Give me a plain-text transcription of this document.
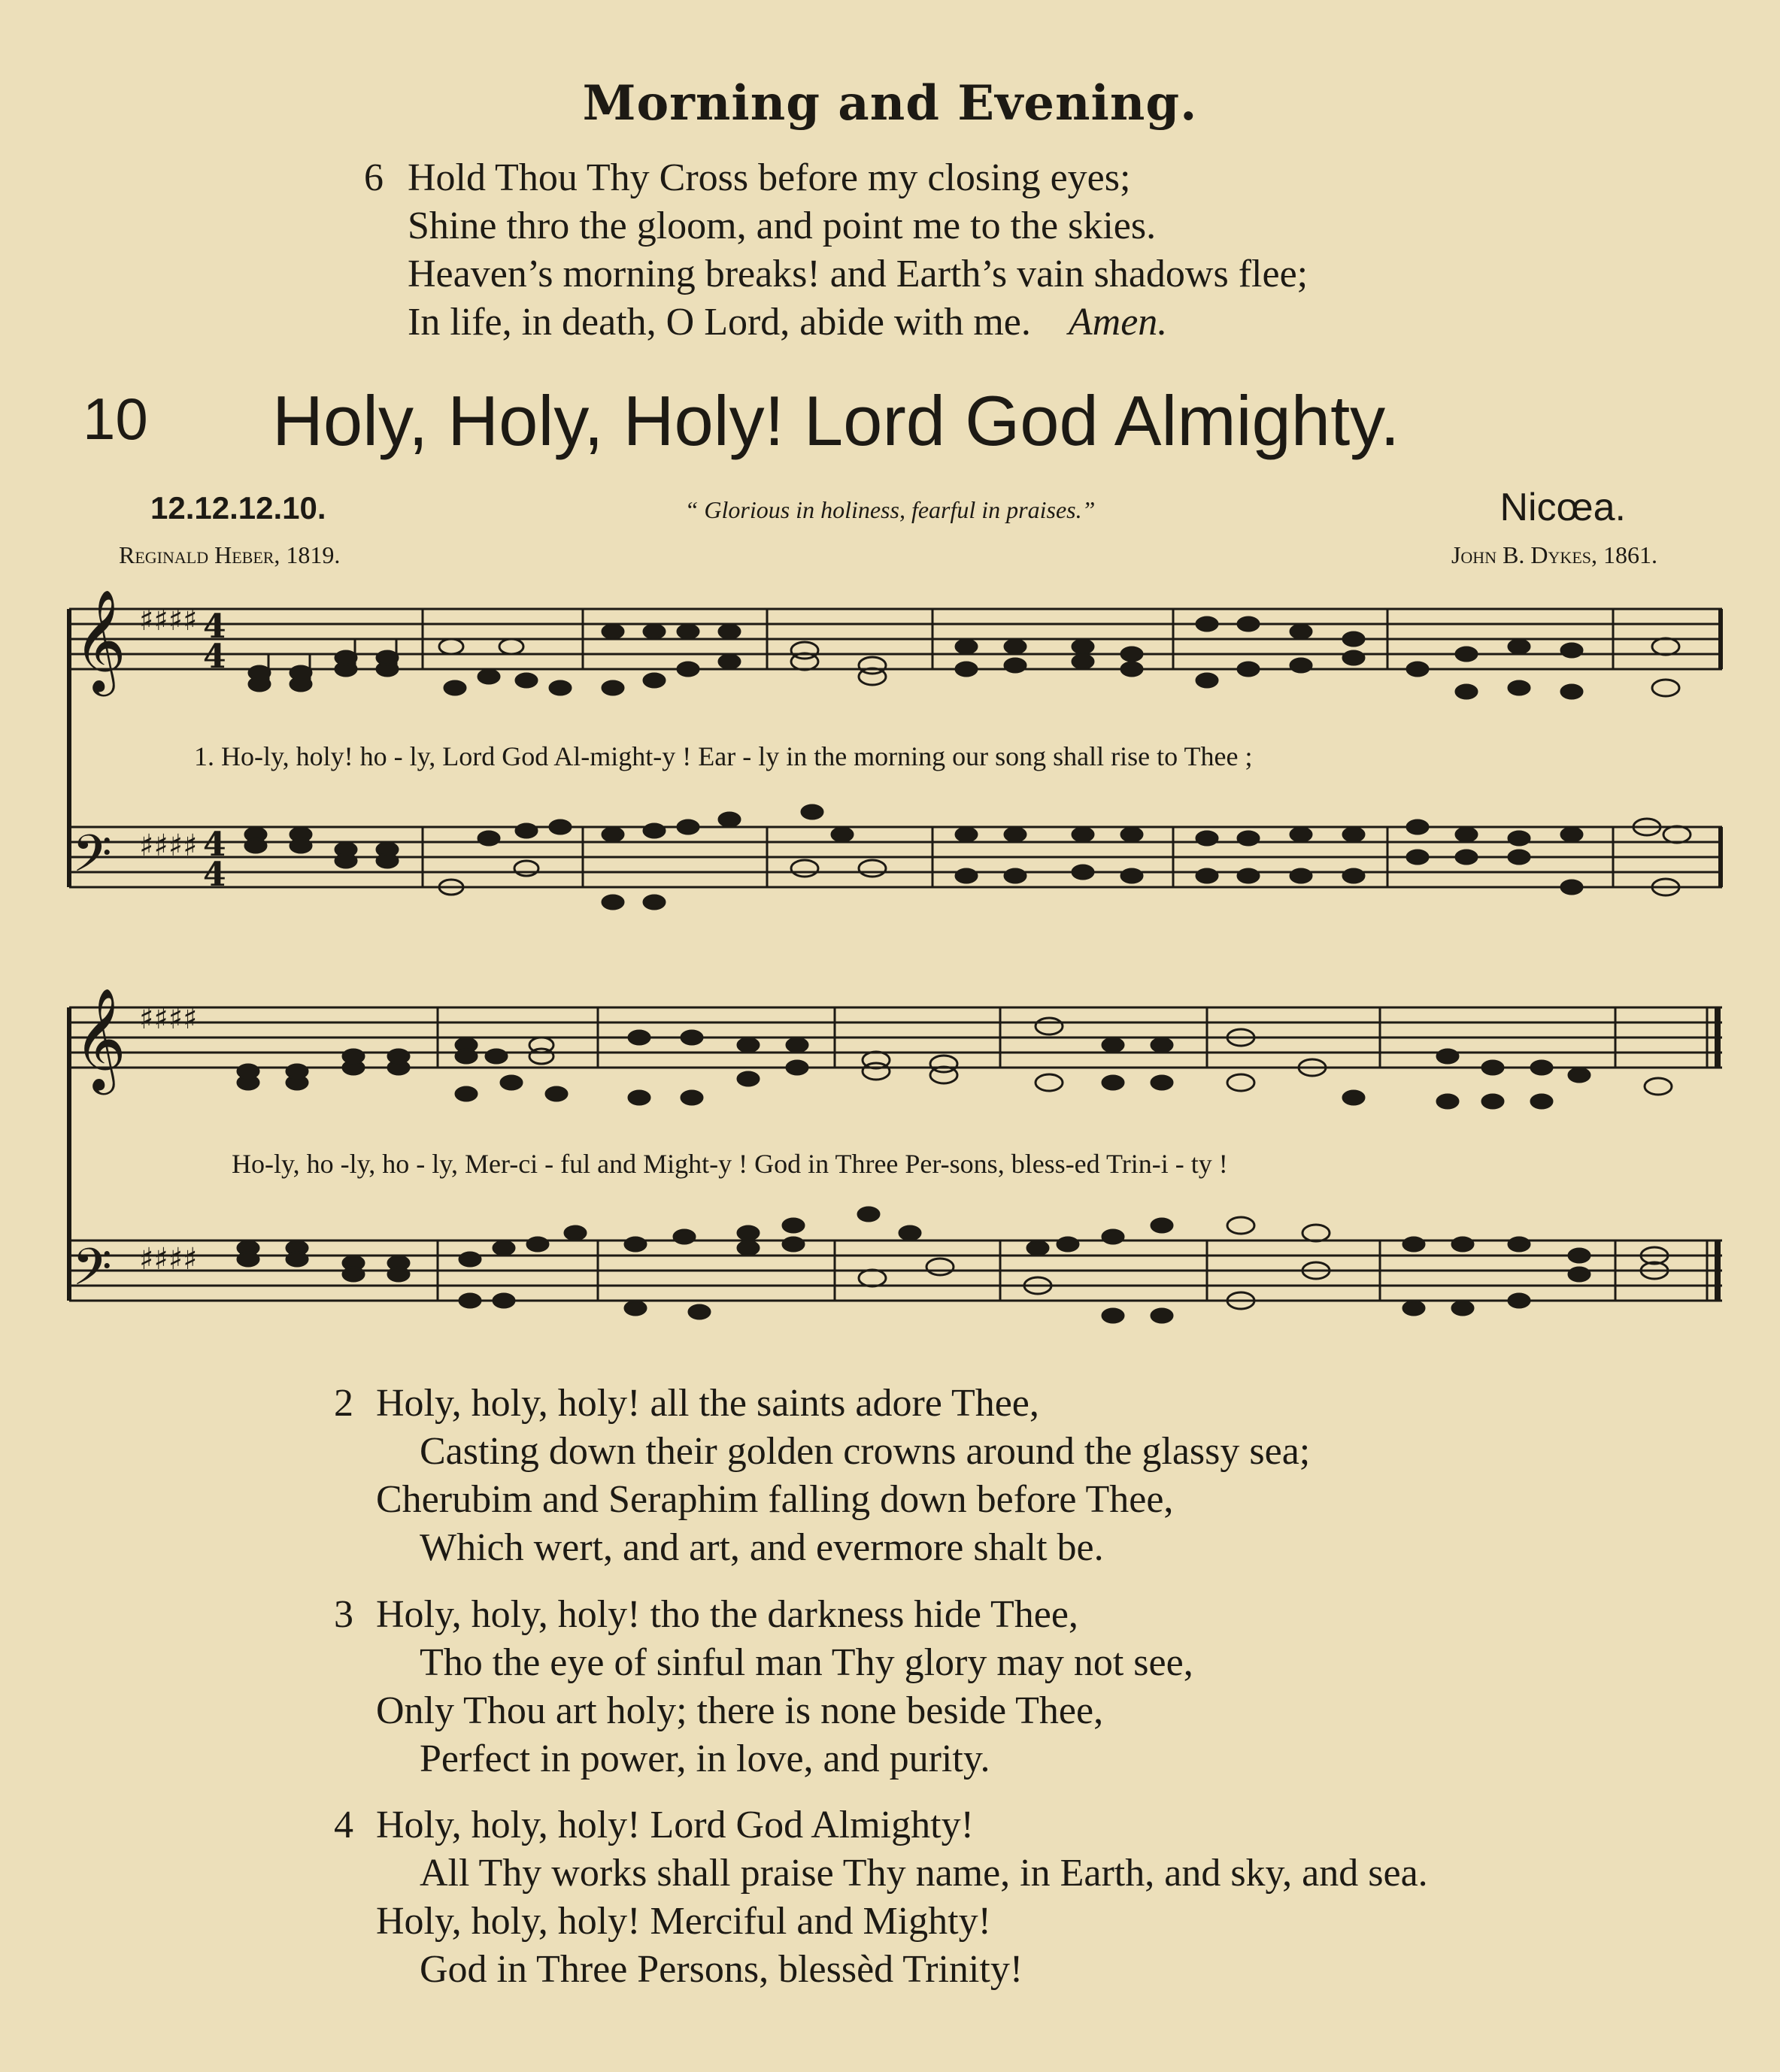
Morning and Evening.
6 Hold Thou Thy Cross before my closing eyes;
Shine thro the gloom, and point me to the skies.
Heaven’s morning breaks! and Earth’s vain shadows flee;
In life, in death, O Lord, abide with me. Amen.
10 Holy, Holy, Holy! Lord God Almighty.
12.12.12.10.	“ Glorious in holiness, fearful in praises.”	Nicœa.
Reginald Heber, 1819.	John B. Dykes, 1861.
𝄞 ♯♯♯♯ 4
4
𝄢 ♯♯♯♯ 4
4
1. Ho-ly, holy! ho - ly, Lord God Al-might-y ! Ear - ly in the morning our song shall rise to Thee ;
𝄞 ♯♯♯♯
𝄢 ♯♯♯♯
Ho-ly, ho -ly, ho - ly, Mer-ci - ful and Might-y ! God in Three Per-sons, bless-ed Trin-i - ty !
2 Holy, holy, holy! all the saints adore Thee,
Casting down their golden crowns around the glassy sea;
Cherubim and Seraphim falling down before Thee,
Which wert, and art, and evermore shalt be.
3 Holy, holy, holy! tho the darkness hide Thee,
Tho the eye of sinful man Thy glory may not see,
Only Thou art holy; there is none beside Thee,
Perfect in power, in love, and purity.
4 Holy, holy, holy! Lord God Almighty!
All Thy works shall praise Thy name, in Earth, and sky, and sea.
Holy, holy, holy! Merciful and Mighty!
God in Three Persons, blessèd Trinity!
